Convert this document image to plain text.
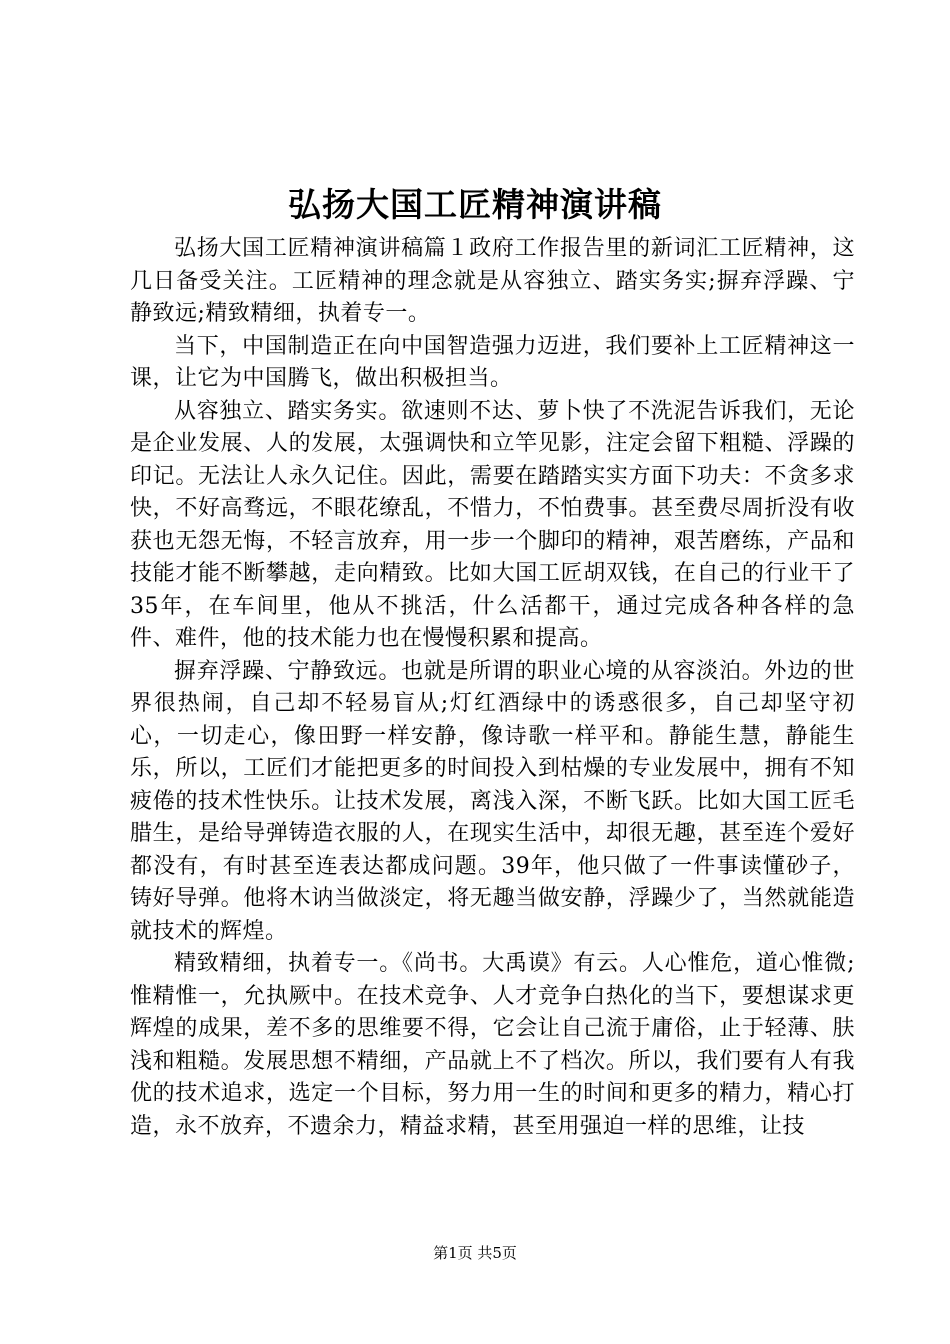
弘扬大国工匠精神演讲稿

弘扬大国工匠精神演讲稿篇１政府工作报告里的新词汇工匠精神，这几日备受关注。工匠精神的理念就是从容独立、踏实务实;摒弃浮躁、宁静致远;精致精细，执着专一。

当下，中国制造正在向中国智造强力迈进，我们要补上工匠精神这一课，让它为中国腾飞，做出积极担当。

从容独立、踏实务实。欲速则不达、萝卜快了不洗泥告诉我们，无论是企业发展、人的发展，太强调快和立竿见影，注定会留下粗糙、浮躁的印记。无法让人永久记住。因此，需要在踏踏实实方面下功夫：不贪多求快，不好高骛远，不眼花缭乱，不惜力，不怕费事。甚至费尽周折没有收获也无怨无悔，不轻言放弃，用一步一个脚印的精神，艰苦磨练，产品和技能才能不断攀越，走向精致。比如大国工匠胡双钱，在自己的行业干了35年，在车间里，他从不挑活，什么活都干，通过完成各种各样的急件、难件，他的技术能力也在慢慢积累和提高。

摒弃浮躁、宁静致远。也就是所谓的职业心境的从容淡泊。外边的世界很热闹，自己却不轻易盲从;灯红酒绿中的诱惑很多，自己却坚守初心，一切走心，像田野一样安静，像诗歌一样平和。静能生慧，静能生乐，所以，工匠们才能把更多的时间投入到枯燥的专业发展中，拥有不知疲倦的技术性快乐。让技术发展，离浅入深，不断飞跃。比如大国工匠毛腊生，是给导弹铸造衣服的人，在现实生活中，却很无趣，甚至连个爱好都没有，有时甚至连表达都成问题。39年，他只做了一件事读懂砂子，铸好导弹。他将木讷当做淡定，将无趣当做安静，浮躁少了，当然就能造就技术的辉煌。

精致精细，执着专一。《尚书。大禹谟》有云。人心惟危，道心惟微;惟精惟一，允执厥中。在技术竞争、人才竞争白热化的当下，要想谋求更辉煌的成果，差不多的思维要不得，它会让自己流于庸俗，止于轻薄、肤浅和粗糙。发展思想不精细，产品就上不了档次。所以，我们要有人有我优的技术追求，选定一个目标，努力用一生的时间和更多的精力，精心打造，永不放弃，不遗余力，精益求精，甚至用强迫一样的思维，让技

第1页 共5页
